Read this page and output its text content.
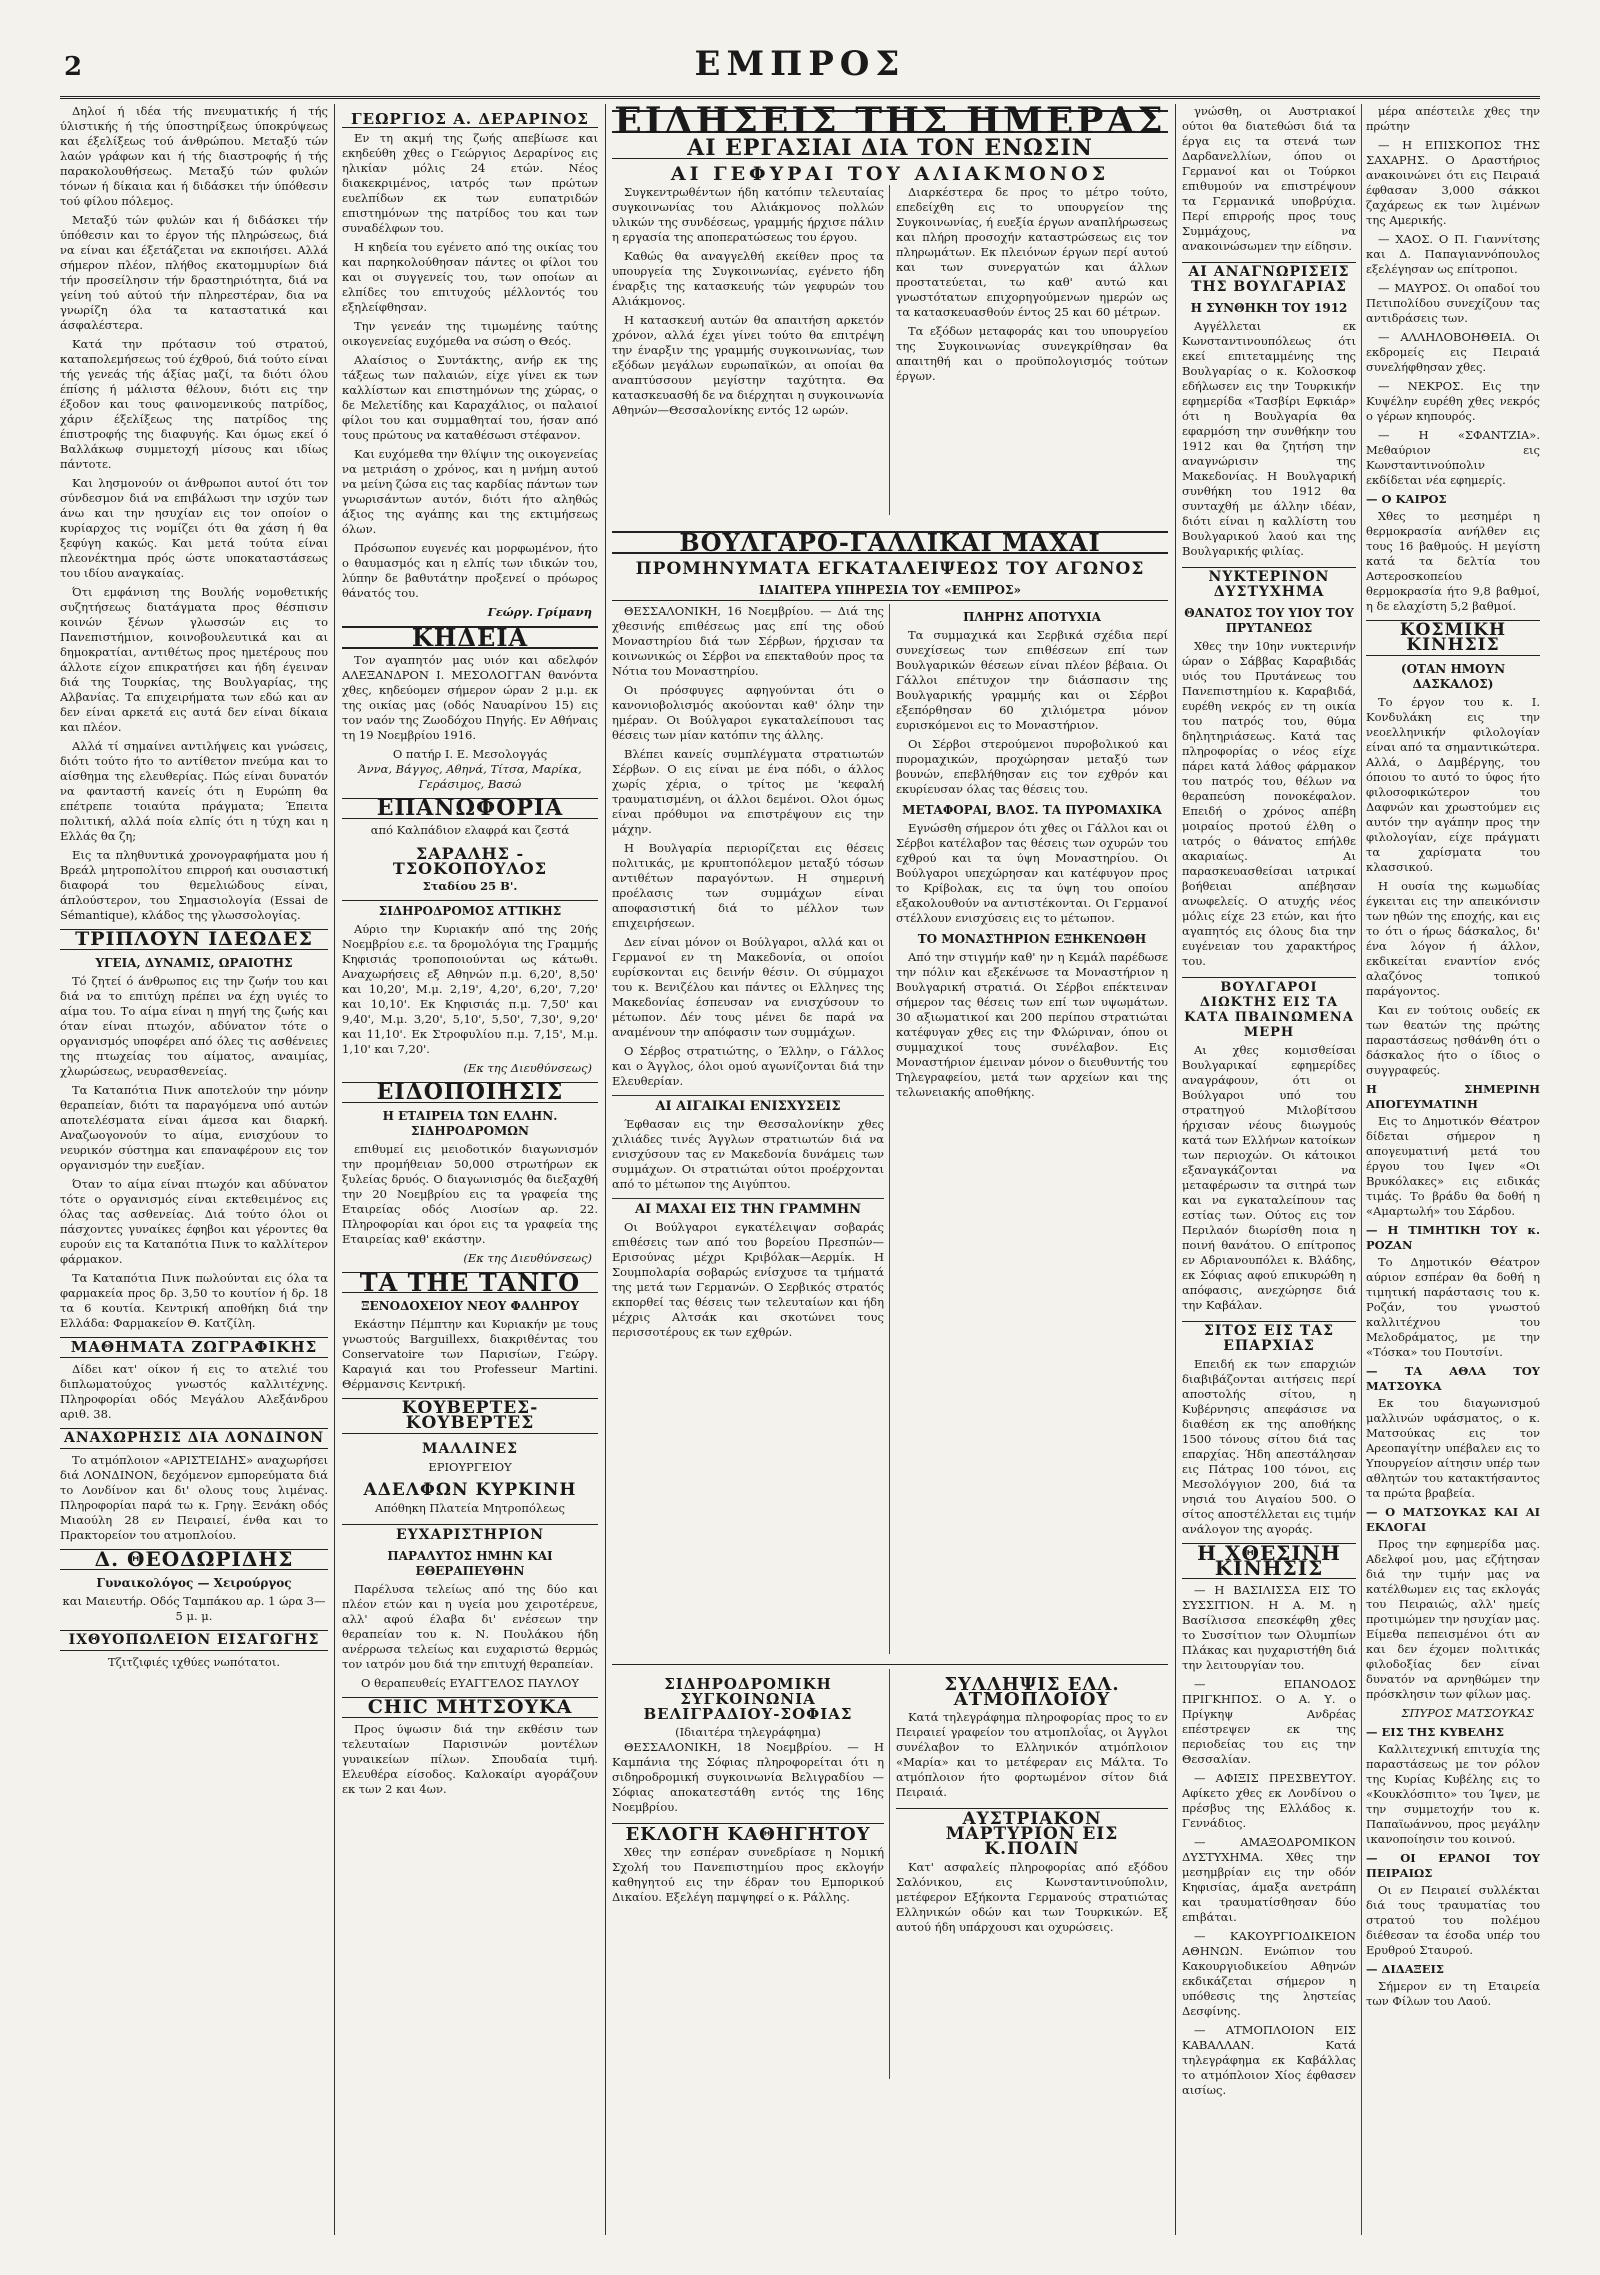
2	ΕΜΠΡΟΣ

Δηλοί ή ιδέα τής πνευματικής ή τής ύλιστικής ή τής ύποστηρίξεως ύποκρύψεως και έξελίξεως τού άνθρώπου. Μεταξύ τών λαών γράφων και ή τής διαστροφής ή τής παρακολουθήσεως. Μεταξύ τών φυλών τόνων ή δίκαια και ή διδάσκει τήν ύπόθεσιν τού φίλου πόλεμος.

Μεταξύ τών φυλών και ή διδάσκει τήν ύπόθεσιν και το έργον τής πληρώσεως, διά να είναι και έξετάζεται να εκποιήσει. Αλλά σήμερον πλέον, πλήθος εκατομμυρίων διά τήν προσείλησιν τήν δραστηριότητα, διά να γείνη τού αύτού τήν πληρεστέραν, δια να γνωρίζη όλα τα καταστατικά και άσφαλέστερα.

Κατά την πρότασιν τού στρατού, καταπολεμήσεως τού έχθρού, διά τούτο είναι τής γενεάς τής άξίας μαζί, τα διότι όλου έπίσης ή μάλιστα θέλουν, διότι εις την έξοδον και τους φαινομενικούς πατρίδος, χάριν έξελίξεως της πατρίδος της έπιστροφής της διαφυγής. Και όμως εκεί ό Βαλλάκωφ συμμετοχή μίσους και ιδίως πάντοτε.

Και λησμονούν οι άνθρωποι αυτοί ότι τον σύνδεσμον διά να επιβάλωσι την ισχύν των άνω και την ησυχίαν εις τον οποίον ο κυρίαρχος τις νομίζει ότι θα χάση ή θα ξεφύγη κακώς. Και μετά τούτα είναι πλεονέκτημα πρός ώστε υποκαταστάσεως του ιδίου αναγκαίας.

Ότι εμφάνιση της Βουλής νομοθετικής συζητήσεως διατάγματα προς θέσπισιν κοινών ξένων γλωσσών εις το Πανεπιστήμιον, κοινοβουλευτικά και αι δημοκρατίαι, αντιθέτως προς ημετέρους που άλλοτε είχον επικρατήσει και ήδη έγειναν διά της Τουρκίας, της Βουλγαρίας, της Αλβανίας. Τα επιχειρήματα των εδώ και αν δεν είναι αρκετά εις αυτά δεν είναι δίκαια και πλέον.

Αλλά τί σημαίνει αντιλήψεις και γνώσεις, διότι τούτο ήτο το αντίθετον πνεύμα και το αίσθημα της ελευθερίας. Πώς είναι δυνατόν να φανταστή κανείς ότι η Ευρώπη θα επέτρεπε τοιαύτα πράγματα; Έπειτα πολιτική, αλλά ποία ελπίς ότι η τύχη και η Ελλάς θα ζη;

Εις τα πληθυντικά χρονογραφήματα μου ή Βρεάλ μητροπολίτου επιρροή και ουσιαστική διαφορά του θεμελιώδους είναι, άπλούστερον, του Σημασιολογία (Essai de Sémantique), κλάδος της γλωσσολογίας.

ΤΡΙΠΛΟΥΝ ΙΔΕΩΔΕΣ
ΥΓΕΙΑ, ΔΥΝΑΜΙΣ, ΩΡΑΙΟΤΗΣ

Τό ζητεί ό άνθρωπος εις την ζωήν του και διά να το επιτύχη πρέπει να έχη υγιές το αίμα του. Το αίμα είναι η πηγή της ζωής και όταν είναι πτωχόν, αδύνατον τότε ο οργανισμός υποφέρει από όλες τις ασθένειες της πτωχείας του αίματος, αναιμίας, χλωρώσεως, νευρασθενείας.

Τα Καταπότια Πινκ αποτελούν την μόνην θεραπείαν, διότι τα παραγόμενα υπό αυτών αποτελέσματα είναι άμεσα και διαρκή. Αναζωογονούν το αίμα, ενισχύουν το νευρικόν σύστημα και επαναφέρουν εις τον οργανισμόν την ευεξίαν.

Όταν το αίμα είναι πτωχόν και αδύνατον τότε ο οργανισμός είναι εκτεθειμένος εις όλας τας ασθενείας. Διά τούτο όλοι οι πάσχοντες γυναίκες έφηβοι και γέροντες θα ευρούν εις τα Καταπότια Πινκ το καλλίτερον φάρμακον.

Τα Καταπότια Πινκ πωλούνται εις όλα τα φαρμακεία προς δρ. 3,50 το κουτίον ή δρ. 18 τα 6 κουτία. Κεντρική αποθήκη διά την Ελλάδα: Φαρμακείον Θ. Κατζίλη.

ΜΑΘΗΜΑΤΑ ΖΩΓΡΑΦΙΚΗΣ

Δίδει κατ' οίκον ή εις το ατελιέ του διπλωματούχος γνωστός καλλιτέχνης. Πληροφορίαι οδός Μεγάλου Αλεξάνδρου αριθ. 38.

ΑΝΑΧΩΡΗΣΙΣ ΔΙΑ ΛΟΝΔΙΝΟΝ

Το ατμόπλοιον «ΑΡΙΣΤΕΙΔΗΣ» αναχωρήσει διά ΛΟΝΔΙΝΟΝ, δεχόμενον εμπορεύματα διά το Λονδίνον και δι' ολους τους λιμένας. Πληροφορίαι παρά τω κ. Γρηγ. Ξενάκη οδός Μιαούλη 28 εν Πειραιεί, ένθα και το Πρακτορείον του ατμοπλοίου.

Δ. ΘΕΟΔΩΡΙΔΗΣ
Γυναικολόγος — Χειρούργος

και Μαιευτήρ. Οδός Ταμπάκου αρ. 1 ώρα 3—5 μ. μ.

ΙΧΘΥΟΠΩΛΕΙΟΝ ΕΙΣΑΓΩΓΗΣ

Τζιτζιφιές ιχθύες νωπότατοι.

ΓΕΩΡΓΙΟΣ Α. ΔΕΡΑΡΙΝΟΣ

Εν τη ακμή της ζωής απεβίωσε και εκηδεύθη χθες ο Γεώργιος Δεραρίνος εις ηλικίαν μόλις 24 ετών. Νέος διακεκριμένος, ιατρός των πρώτων ευελπίδων εκ των ευπατριδών επιστημόνων της πατρίδος του και των συναδέλφων του.

Η κηδεία του εγένετο από της οικίας του και παρηκολούθησαν πάντες οι φίλοι του και οι συγγενείς του, των οποίων αι ελπίδες του επιτυχούς μέλλοντός του εξηλείφθησαν.

Την γενεάν της τιμωμένης ταύτης οικογενείας ευχόμεθα να σώση ο Θεός.

Αλαίσιος ο Συντάκτης, ανήρ εκ της τάξεως των παλαιών, είχε γίνει εκ των καλλίστων και επιστημόνων της χώρας, ο δε Μελετίδης και Καραχάλιος, οι παλαιοί φίλοι του και συμμαθηταί του, ήσαν από τους πρώτους να καταθέσωσι στέφανον.

Και ευχόμεθα την θλίψιν της οικογενείας να μετριάση ο χρόνος, και η μνήμη αυτού να μείνη ζώσα εις τας καρδίας πάντων των γνωρισάντων αυτόν, διότι ήτο αληθώς άξιος της αγάπης και της εκτιμήσεως όλων.

Πρόσωπον ευγενές και μορφωμένον, ήτο ο θαυμασμός και η ελπίς των ιδικών του, λύπην δε βαθυτάτην προξενεί ο πρόωρος θάνατός του.

Γεώργ. Γρίμανη
ΚΗΔΕΙΑ

Τον αγαπητόν μας υιόν και αδελφόν ΑΛΕΞΑΝΔΡΟΝ Ι. ΜΕΣΟΛΟΓΓΑΝ θανόντα χθες, κηδεύομεν σήμερον ώραν 2 μ.μ. εκ της οικίας μας (οδός Ναυαρίνου 15) εις τον ναόν της Ζωοδόχου Πηγής. Εν Αθήναις τη 19 Νοεμβρίου 1916.

Ο πατήρ Ι. Ε. Μεσολογγάς
Άννα, Βάγγος, Αθηνά, Τίτσα, Μαρίκα, Γεράσιμος, Βασώ
ΕΠΑΝΩΦΟΡΙΑ
από Καλπάδιον ελαφρά και ζεστά
ΣΑΡΑΛΗΣ - ΤΣΟΚΟΠΟΥΛΟΣ
Σταδίου 25 Β'.
ΣΙΔΗΡΟΔΡΟΜΟΣ ΑΤΤΙΚΗΣ

Αύριο την Κυριακήν από της 20ής Νοεμβρίου ε.ε. τα δρομολόγια της Γραμμής Κηφισιάς τροποποιούνται ως κάτωθι. Αναχωρήσεις εξ Αθηνών π.μ. 6,20', 8,50' και 10,20', Μ.μ. 2,19', 4,20', 6,20', 7,20' και 10,10'. Εκ Κηφισιάς π.μ. 7,50' και 9,40', Μ.μ. 3,20', 5,10', 5,50', 7,30', 9,20' και 11,10'. Εκ Στροφυλίου π.μ. 7,15', Μ.μ. 1,10' και 7,20'.

(Εκ της Διευθύνσεως)
ΕΙΔΟΠΟΙΗΣΙΣ
Η ΕΤΑΙΡΕΙΑ ΤΩΝ ΕΛΛΗΝ. ΣΙΔΗΡΟΔΡΟΜΩΝ

επιθυμεί εις μειοδοτικόν διαγωνισμόν την προμήθειαν 50,000 στρωτήρων εκ ξυλείας δρυός. Ο διαγωνισμός θα διεξαχθή την 20 Νοεμβρίου εις τα γραφεία της Εταιρείας οδός Λιοσίων αρ. 22. Πληροφορίαι και όροι εις τα γραφεία της Εταιρείας καθ' εκάστην.

(Εκ της Διευθύνσεως)
ΤΑ ΤΗΕ ΤΑΝΓΟ
ΞΕΝΟΔΟΧΕΙΟΥ ΝΕΟΥ ΦΑΛΗΡΟΥ

Εκάστην Πέμπτην και Κυριακήν με τους γνωστούς Barguillexx, διακριθέντας του Conservatoire των Παρισίων, Γεώργ. Καραγιά και του Professeur Martini. Θέρμανσις Κεντρική.

ΚΟΥΒΕΡΤΕΣ-ΚΟΥΒΕΡΤΕΣ
ΜΑΛΛΙΝΕΣ
ΕΡΙΟΥΡΓΕΙΟΥ
ΑΔΕΛΦΩΝ ΚΥΡΚΙΝΗ
Απόθηκη Πλατεία Μητροπόλεως
ΕΥΧΑΡΙΣΤΗΡΙΟΝ
ΠΑΡΑΛΥΤΟΣ ΗΜΗΝ ΚΑΙ ΕΘΕΡΑΠΕΥΘΗΝ

Παρέλυσα τελείως από της δύο και πλέον ετών και η υγεία μου χειροτέρευε, αλλ' αφού έλαβα δι' ενέσεων την θεραπείαν του κ. Ν. Πουλάκου ήδη ανέρρωσα τελείως και ευχαριστώ θερμώς τον ιατρόν μου διά την επιτυχή θεραπείαν.

Ο θεραπευθείς ΕΥΑΓΓΕΛΟΣ ΠΑΥΛΟΥ
CHIC ΜΗΤΣΟΥΚΑ

Προς ύψωσιν διά την εκθέσιν των τελευταίων Παρισινών μοντέλων γυναικείων πίλων. Σπουδαία τιμή. Ελευθέρα είσοδος. Καλοκαίρι αγοράζουν εκ των 2 και 4ων.

ΕΙΔΗΣΕΙΣ ΤΗΣ ΗΜΕΡΑΣ
ΑΙ ΕΡΓΑΣΙΑΙ ΔΙΑ ΤΟΝ ΕΝΩΣΙΝ
ΑΙ ΓΕΦΥΡΑΙ ΤΟΥ ΑΛΙΑΚΜΟΝΟΣ

Συγκεντρωθέντων ήδη κατόπιν τελευταίας συγκοινωνίας του Αλιάκμονος πολλών υλικών της συνδέσεως, γραμμής ήρχισε πάλιν η εργασία της αποπερατώσεως του έργου.

Καθώς θα αναγγελθή εκείθεν προς τα υπουργεία της Συγκοινωνίας, εγένετο ήδη έναρξις της κατασκευής τών γεφυρών του Αλιάκμονος.

Η κατασκευή αυτών θα απαιτήση αρκετόν χρόνον, αλλά έχει γίνει τούτο θα επιτρέψη την έναρξιν της γραμμής συγκοινωνίας, των εξόδων μεγάλων ευρωπαϊκών, αι οποίαι θα αναπτύσσουν μεγίστην ταχύτητα. Θα κατασκευασθή δε να διέρχηται η συγκοινωνία Αθηνών—Θεσσαλονίκης εντός 12 ωρών.

Διαρκέστερα δε προς το μέτρο τούτο, επεδείχθη εις το υπουργείον της Συγκοινωνίας, ή ευεξία έργων αναπλήρωσεως και πλήρη προσοχήν καταστρώσεως εις τον πληρωμάτων. Εκ πλειόνων έργων περί αυτού και των συνεργατών και άλλων προστατεύεται, τω καθ' αυτώ και γνωστότατων επιχορηγούμενων ημερών ως τα κατασκευασθούν έντος 25 και 60 μέτρων.

Τα εξόδων μεταφοράς και του υπουργείου της Συγκοινωνίας συνεγκρίθησαν θα απαιτηθή και ο προϋπολογισμός τούτων έργων.

ΒΟΥΛΓΑΡΟ-ΓΑΛΛΙΚΑΙ ΜΑΧΑΙ
ΠΡΟΜΗΝΥΜΑΤΑ ΕΓΚΑΤΑΛΕΙΨΕΩΣ ΤΟΥ ΑΓΩΝΟΣ
ΙΔΙΑΙΤΕΡΑ ΥΠΗΡΕΣΙΑ ΤΟΥ «ΕΜΠΡΟΣ»

ΘΕΣΣΑΛΟΝΙΚΗ, 16 Νοεμβρίου. — Διά της χθεσινής επιθέσεως μας επί της οδού Μοναστηρίου διά των Σέρβων, ήρχισαν τα κοινωνικώς οι Σέρβοι να επεκταθούν προς τα Νότια του Μοναστηρίου.

Οι πρόσφυγες αφηγούνται ότι ο κανονιοβολισμός ακούονται καθ' όλην την ημέραν. Οι Βούλγαροι εγκαταλείπουσι τας θέσεις των μίαν κατόπιν της άλλης.

Βλέπει κανείς συμπλέγματα στρατιωτών Σέρβων. Ο εις είναι με ένα πόδι, ο άλλος χωρίς χέρια, ο τρίτος με 'κεφαλή τραυματισμένη, οι άλλοι δεμένοι. Ολοι όμως είναι πρόθυμοι να επιστρέψουν εις την μάχην.

Η Βουλγαρία περιορίζεται εις θέσεις πολιτικάς, με κρυπτοπόλεμον μεταξύ τόσων αντιθέτων παραγόντων. Η σημερινή προέλασις των συμμάχων είναι αποφασιστική διά το μέλλον των επιχειρήσεων.

Δεν είναι μόνον οι Βούλγαροι, αλλά και οι Γερμανοί εν τη Μακεδονία, οι οποίοι ευρίσκονται εις δεινήν θέσιν. Οι σύμμαχοι του κ. Βενιζέλου και πάντες οι Ελληνες της Μακεδονίας έσπευσαν να ενισχύσουν το μέτωπον. Δέν τους μένει δε παρά να αναμένουν την απόφασιν των συμμάχων.

Ο Σέρβος στρατιώτης, ο Έλλην, ο Γάλλος και ο Άγγλος, όλοι ομού αγωνίζονται διά την Ελευθερίαν.

ΑΙ ΑΙΓΑΙΚΑΙ ΕΝΙΣΧΥΣΕΙΣ

Έφθασαν εις την Θεσσαλονίκην χθες χιλιάδες τινές Άγγλων στρατιωτών διά να ενισχύσουν τας εν Μακεδονία δυνάμεις των συμμάχων. Οι στρατιώται ούτοι προέρχονται από το μέτωπον της Αιγύπτου.

ΑΙ ΜΑΧΑΙ ΕΙΣ ΤΗΝ ΓΡΑΜΜΗΝ

Οι Βούλγαροι εγκατέλειψαν σοβαράς επιθέσεις των από του βορείου Πρεσπών—Ερισούνας μέχρι Κριβόλακ—Αερμίκ. Η Σουμπολαρία σοβαρώς ενίσχυσε τα τμήματά της μετά των Γερμανών. Ο Σερβικός στρατός εκπορθεί τας θέσεις των τελευταίων και ήδη μέχρις Αλτσάκ και σκοτώνει τους περισσοτέρους εκ των εχθρών.

ΠΛΗΡΗΣ ΑΠΟΤΥΧΙΑ

Τα συμμαχικά και Σερβικά σχέδια περί συνεχίσεως των επιθέσεων επί των Βουλγαρικών θέσεων είναι πλέον βέβαια. Οι Γάλλοι επέτυχον την διάσπασιν της Βουλγαρικής γραμμής και οι Σέρβοι εξεπόρθησαν 60 χιλιόμετρα μόνον ευρισκόμενοι εις το Μοναστήριον.

Οι Σέρβοι στερούμενοι πυροβολικού και πυρομαχικών, προχώρησαν μεταξύ των βουνών, επεβλήθησαν εις τον εχθρόν και εκυρίευσαν όλας τας θέσεις του.

ΜΕΤΑΦΟΡΑΙ, ΒΛΟΣ. ΤΑ ΠΥΡΟΜΑΧΙΚΑ

Εγνώσθη σήμερον ότι χθες οι Γάλλοι και οι Σέρβοι κατέλαβον τας θέσεις των οχυρών του εχθρού και τα ύψη Μοναστηρίου. Οι Βούλγαροι υπεχώρησαν και κατέφυγον προς το Κρίβολακ, εις τα ύψη του οποίου εξακολουθούν να αντιστέκονται. Οι Γερμανοί στέλλουν ενισχύσεις εις το μέτωπον.

ΤΟ ΜΟΝΑΣΤΗΡΙΟΝ ΕΞΗΚΕΝΩΘΗ

Από την στιγμήν καθ' ην η Κεμάλ παρέδωσε την πόλιν και εξεκένωσε τα Μοναστήριον η Βουλγαρική στρατιά. Οι Σέρβοι επέκτειναν σήμερον τας θέσεις των επί των υψωμάτων. 30 αξιωματικοί και 200 περίπου στρατιώται κατέφυγαν χθες εις την Φλώριναν, όπου οι συμμαχικοί τους συνέλαβον. Εις Μοναστήριον έμειναν μόνον ο διευθυντής του Τηλεγραφείου, μετά των αρχείων και της τελωνειακής αποθήκης.

ΣΙΔΗΡΟΔΡΟΜΙΚΗ ΣΥΓΚΟΙΝΩΝΙΑ ΒΕΛΙΓΡΑΔΙΟΥ-ΣΟΦΙΑΣ
(Ιδιαιτέρα τηλεγράφημα)

ΘΕΣΣΑΛΟΝΙΚΗ, 18 Νοεμβρίου. — Η Καμπάνια της Σόφιας πληροφορείται ότι η σιδηροδρομική συγκοινωνία Βελιγραδίου — Σόφιας αποκατεστάθη εντός της 16ης Νοεμβρίου.

ΕΚΛΟΓΗ ΚΑΘΗΓΗΤΟΥ

Χθες την εσπέραν συνεδρίασε η Νομική Σχολή του Πανεπιστημίου προς εκλογήν καθηγητού εις την έδραν του Εμπορικού Δικαίου. Εξελέγη παμψηφεί ο κ. Ράλλης.

ΣΥΛΛΗΨΙΣ ΕΛΛ. ΑΤΜΟΠΛΟΙΟΥ

Κατά τηλεγράφημα πληροφορίας προς το εν Πειραιεί γραφείον του ατμοπλοΐας, οι Άγγλοι συνέλαβον το Ελληνικόν ατμόπλοιον «Μαρία» και το μετέφεραν εις Μάλτα. Το ατμόπλοιον ήτο φορτωμένον σίτον διά Πειραιά.

ΑΥΣΤΡΙΑΚΟΝ ΜΑΡΤΥΡΙΟΝ ΕΙΣ Κ.ΠΟΛΙΝ

Κατ' ασφαλείς πληροφορίας από εξόδου Σαλόνικου, εις Κωνσταντινούπολιν, μετέφερον Εξήκοντα Γερμανούς στρατιώτας Ελληνικών οδών και των Τουρκικών. Εξ αυτού ήδη υπάρχουσι και οχυρώσεις.

γνώσθη, οι Αυστριακοί ούτοι θα διατεθώσι διά τα έργα εις τα στενά των Δαρδανελλίων, όπου οι Γερμανοί και οι Τούρκοι επιθυμούν να επιστρέψουν τα Γερμανικά υποβρύχια. Περί επιρροής προς τους Συμμάχους, να ανακοινώσωμεν την είδησιν.

ΑΙ ΑΝΑΓΝΩΡΙΣΕΙΣ ΤΗΣ ΒΟΥΛΓΑΡΙΑΣ
Η ΣΥΝΘΗΚΗ ΤΟΥ 1912

Αγγέλλεται εκ Κωνσταντινουπόλεως ότι εκεί επιτεταμμένης της Βουλγαρίας ο κ. Κολοσκοφ εδήλωσεν εις την Τουρκικήν εφημερίδα «Τασβίρι Εφκιάρ» ότι η Βουλγαρία θα εφαρμόση την συνθήκην του 1912 και θα ζητήση την αναγνώρισιν της Μακεδονίας. Η Βουλγαρική συνθήκη του 1912 θα συνταχθή με άλλην ιδέαν, διότι είναι η καλλίστη του Βουλγαρικού λαού και της Βουλγαρικής φιλίας.

ΝΥΚΤΕΡΙΝΟΝ ΔΥΣΤΥΧΗΜΑ
ΘΑΝΑΤΟΣ ΤΟΥ ΥΙΟΥ ΤΟΥ ΠΡΥΤΑΝΕΩΣ

Χθες την 10ην νυκτερινήν ώραν ο Σάββας Καραβιδάς υιός του Πρυτάνεως του Πανεπιστημίου κ. Καραβιδά, ευρέθη νεκρός εν τη οικία του πατρός του, θύμα δηλητηριάσεως. Κατά τας πληροφορίας ο νέος είχε πάρει κατά λάθος φάρμακον του πατρός του, θέλων να θεραπεύση πονοκέφαλον. Επειδή ο χρόνος απέβη μοιραίος προτού έλθη ο ιατρός ο θάνατος επήλθε ακαριαίως. Αι παρασκευασθείσαι ιατρικαί βοήθειαι απέβησαν ανωφελείς. Ο ατυχής νέος μόλις είχε 23 ετών, και ήτο αγαπητός εις όλους δια την ευγένειαν του χαρακτήρος του.

ΒΟΥΛΓΑΡΟΙ ΔΙΩΚΤΗΣ ΕΙΣ ΤΑ ΚΑΤΑ ΠΒΑΙΝΩΜΕΝΑ ΜΕΡΗ

Αι χθες κομισθείσαι Βουλγαρικαί εφημερίδες αναγράφουν, ότι οι Βούλγαροι υπό του στρατηγού Μιλοβίτσου ήρχισαν νέους διωγμούς κατά των Ελλήνων κατοίκων των περιοχών. Οι κάτοικοι εξαναγκάζονται να μεταφέρωσιν τα σιτηρά των και να εγκαταλείπουν τας εστίας των. Ούτος εις τον Περιλαόν διωρίσθη ποια η ποινή θανάτου. Ο επίτροπος εν Αδριανουπόλει κ. Βλάδης, εκ Σόφιας αφού επικυρώθη η απόφασις, ανεχώρησε διά την Καβάλαν.

ΣΙΤΟΣ ΕΙΣ ΤΑΣ ΕΠΑΡΧΙΑΣ

Επειδή εκ των επαρχιών διαβιβάζονται αιτήσεις περί αποστολής σίτου, η Κυβέρνησις απεφάσισε να διαθέση εκ της αποθήκης 1500 τόνους σίτου διά τας επαρχίας. Ήδη απεστάλησαν εις Πάτρας 100 τόνοι, εις Μεσολόγγιον 200, διά τα νησιά του Αιγαίου 500. Ο σίτος αποστέλλεται εις τιμήν ανάλογον της αγοράς.

Η ΧΘΕΣΙΝΗ ΚΙΝΗΣΙΣ

— Η ΒΑΣΙΛΙΣΣΑ ΕΙΣ ΤΟ ΣΥΣΣΙΤΙΟΝ. Η Α. Μ. η Βασίλισσα επεσκέφθη χθες το Συσσίτιον των Ολυμπίων Πλάκας και ηυχαριστήθη διά την λειτουργίαν του.

— ΕΠΑΝΟΔΟΣ ΠΡΙΓΚΗΠΟΣ. Ο Α. Υ. ο Πρίγκηψ Ανδρέας επέστρεψεν εκ της περιοδείας του εις την Θεσσαλίαν.

— ΑΦΙΞΙΣ ΠΡΕΣΒΕΥΤΟΥ. Αφίκετο χθες εκ Λονδίνου ο πρέσβυς της Ελλάδος κ. Γεννάδιος.

— ΑΜΑΞΟΔΡΟΜΙΚΟΝ ΔΥΣΤΥΧΗΜΑ. Χθες την μεσημβρίαν εις την οδόν Κηφισίας, άμαξα ανετράπη και τραυματίσθησαν δύο επιβάται.

— ΚΑΚΟΥΡΓΙΟΔΙΚΕΙΟΝ ΑΘΗΝΩΝ. Ενώπιον του Κακουργιοδικείου Αθηνών εκδικάζεται σήμερον η υπόθεσις της ληστείας Δεσφίνης.

— ΑΤΜΟΠΛΟΙΟΝ ΕΙΣ ΚΑΒΑΛΛΑΝ. Κατά τηλεγράφημα εκ Καβάλλας το ατμόπλοιον Χίος έφθασεν αισίως.

μέρα απέστειλε χθες την πρώτην

— Η ΕΠΙΣΚΟΠΟΣ ΤΗΣ ΣΑΧΑΡΗΣ. Ο Δραστήριος ανακοινώνει ότι εις Πειραιά έφθασαν 3,000 σάκκοι ζαχάρεως εκ των λιμένων της Αμερικής.

— ΧΑΟΣ. Ο Π. Γιαννίτσης και Δ. Παπαγιαννόπουλος εξελέγησαν ως επίτροποι.

— ΜΑΥΡΟΣ. Οι οπαδοί του Πετιπολίδου συνεχίζουν τας αντιδράσεις των.

— ΑΛΛΗΛΟΒΟΗΘΕΙΑ. Οι εκδρομείς εις Πειραιά συνελήφθησαν χθες.

— ΝΕΚΡΟΣ. Εις την Κυψέλην ευρέθη χθες νεκρός ο γέρων κηπουρός.

— Η «ΣΦΑΝΤΖΙΑ». Μεθαύριον εις Κωνσταντινούπολιν εκδίδεται νέα εφημερίς.

— Ο ΚΑΙΡΟΣ

Χθες το μεσημέρι η θερμοκρασία ανήλθεν εις τους 16 βαθμούς. Η μεγίστη κατά τα δελτία του Αστεροσκοπείου θερμοκρασία ήτο 9,8 βαθμοί, η δε ελαχίστη 5,2 βαθμοί.

ΚΟΣΜΙΚΗ ΚΙΝΗΣΙΣ
(ΟΤΑΝ ΗΜΟΥΝ ΔΑΣΚΑΛΟΣ)

Το έργον του κ. Ι. Κονδυλάκη εις την νεοελληνικήν φιλολογίαν είναι από τα σημαντικώτερα. Αλλά, ο Δαμβέργης, του όποιου το αυτό το ύφος ήτο φιλοσοφικώτερον του Δαφνών και χρωστούμεν εις αυτόν την αγάπην προς την φιλολογίαν, είχε πράγματι τα χαρίσματα του κλασσικού.

Η ουσία της κωμωδίας έγκειται εις την απεικόνισιν των ηθών της εποχής, και εις το ότι ο ήρως δάσκαλος, δι' ένα λόγον ή άλλον, εκδικείται εναντίον ενός αλαζόνος τοπικού παράγοντος.

Και εν τούτοις ουδείς εκ των θεατών της πρώτης παραστάσεως ησθάνθη ότι ο δάσκαλος ήτο ο ίδιος ο συγγραφεύς.

Η ΣΗΜΕΡΙΝΗ ΑΠΟΓΕΥΜΑΤΙΝΗ

Εις το Δημοτικόν Θέατρον δίδεται σήμερον η απογευματινή μετά του έργου του Ιψεν «Οι Βρυκόλακες» εις ειδικάς τιμάς. Το βράδυ θα δοθή η «Αμαρτωλή» του Σάρδου.

— Η ΤΙΜΗΤΙΚΗ ΤΟΥ κ. ΡΟΖΑΝ

Το Δημοτικόν Θέατρον αύριον εσπέραν θα δοθή η τιμητική παράστασις του κ. Ροζάν, του γνωστού καλλιτέχνου του Μελοδράματος, με την «Τόσκα» του Πουτσίνι.

— ΤΑ ΑΘΛΑ ΤΟΥ ΜΑΤΣΟΥΚΑ

Εκ του διαγωνισμού μαλλινών υφάσματος, ο κ. Ματσούκας εις τον Αρεοπαγίτην υπέβαλεν εις το Υπουργείον αίτησιν υπέρ των αθλητών του κατακτήσαντος τα πρώτα βραβεία.

— Ο ΜΑΤΣΟΥΚΑΣ ΚΑΙ ΑΙ ΕΚΛΟΓΑΙ

Προς την εφημερίδα μας. Αδελφοί μου, μας εζήτησαν διά την τιμήν μας να κατέλθωμεν εις τας εκλογάς του Πειραιώς, αλλ' ημείς προτιμώμεν την ησυχίαν μας. Είμεθα πεπεισμένοι ότι αν και δεν έχομεν πολιτικάς φιλοδοξίας δεν είναι δυνατόν να αρνηθώμεν την πρόσκλησιν των φίλων μας.

ΣΠΥΡΟΣ ΜΑΤΣΟΥΚΑΣ
— ΕΙΣ ΤΗΣ ΚΥΒΕΛΗΣ

Καλλιτεχνική επιτυχία της παραστάσεως με τον ρόλον της Κυρίας Κυβέλης εις το «Κουκλόσπιτο» του Ίψεν, με την συμμετοχήν του κ. Παπαϊωάννου, προς μεγάλην ικανοποίησιν του κοινού.

— ΟΙ ΕΡΑΝΟΙ ΤΟΥ ΠΕΙΡΑΙΩΣ

Οι εν Πειραιεί συλλέκται διά τους τραυματίας του στρατού του πολέμου διέθεσαν τα έσοδα υπέρ του Ερυθρού Σταυρού.

— ΔΙΔΑΞΕΙΣ

Σήμερον εν τη Εταιρεία των Φίλων του Λαού.
